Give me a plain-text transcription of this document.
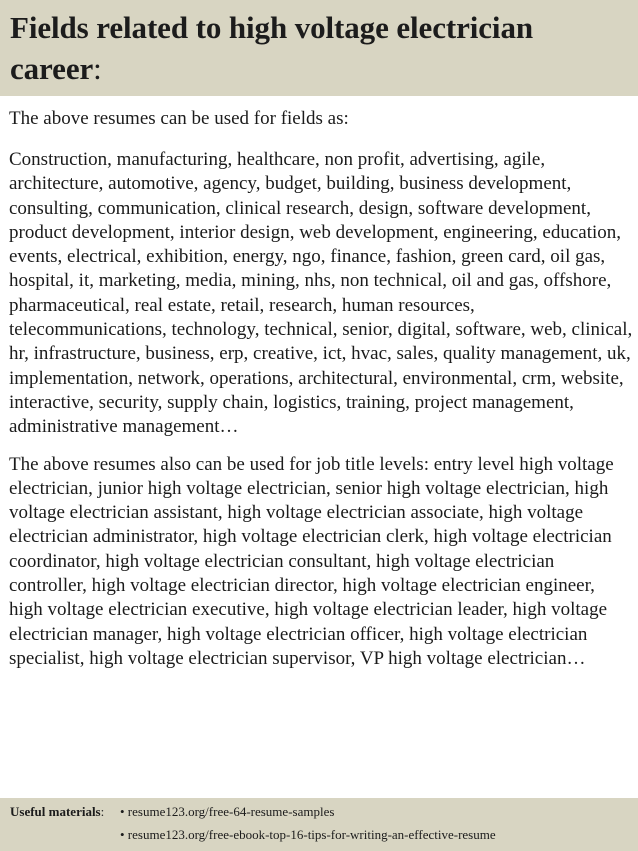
Fields related to high voltage electrician career:

The above resumes can be used for fields as:

Construction, manufacturing, healthcare, non profit, advertising, agile, architecture, automotive, agency, budget, building, business development, consulting, communication, clinical research, design, software development, product development, interior design, web development, engineering, education, events, electrical, exhibition, energy, ngo, finance, fashion, green card, oil gas, hospital, it, marketing, media, mining, nhs, non technical, oil and gas, offshore, pharmaceutical, real estate, retail, research, human resources, telecommunications, technology, technical, senior, digital, software, web, clinical, hr, infrastructure, business, erp, creative, ict, hvac, sales, quality management, uk, implementation, network, operations, architectural, environmental, crm, website, interactive, security, supply chain, logistics, training, project management, administrative management…

The above resumes also can be used for job title levels: entry level high voltage electrician, junior high voltage electrician, senior high voltage electrician, high voltage electrician assistant, high voltage electrician associate, high voltage electrician administrator, high voltage electrician clerk, high voltage electrician coordinator, high voltage electrician consultant, high voltage electrician controller, high voltage electrician director, high voltage electrician engineer, high voltage electrician executive, high voltage electrician leader, high voltage electrician manager, high voltage electrician officer, high voltage electrician specialist, high voltage electrician supervisor, VP high voltage electrician…

Useful materials: • resume123.org/free-64-resume-samples
• resume123.org/free-ebook-top-16-tips-for-writing-an-effective-resume
